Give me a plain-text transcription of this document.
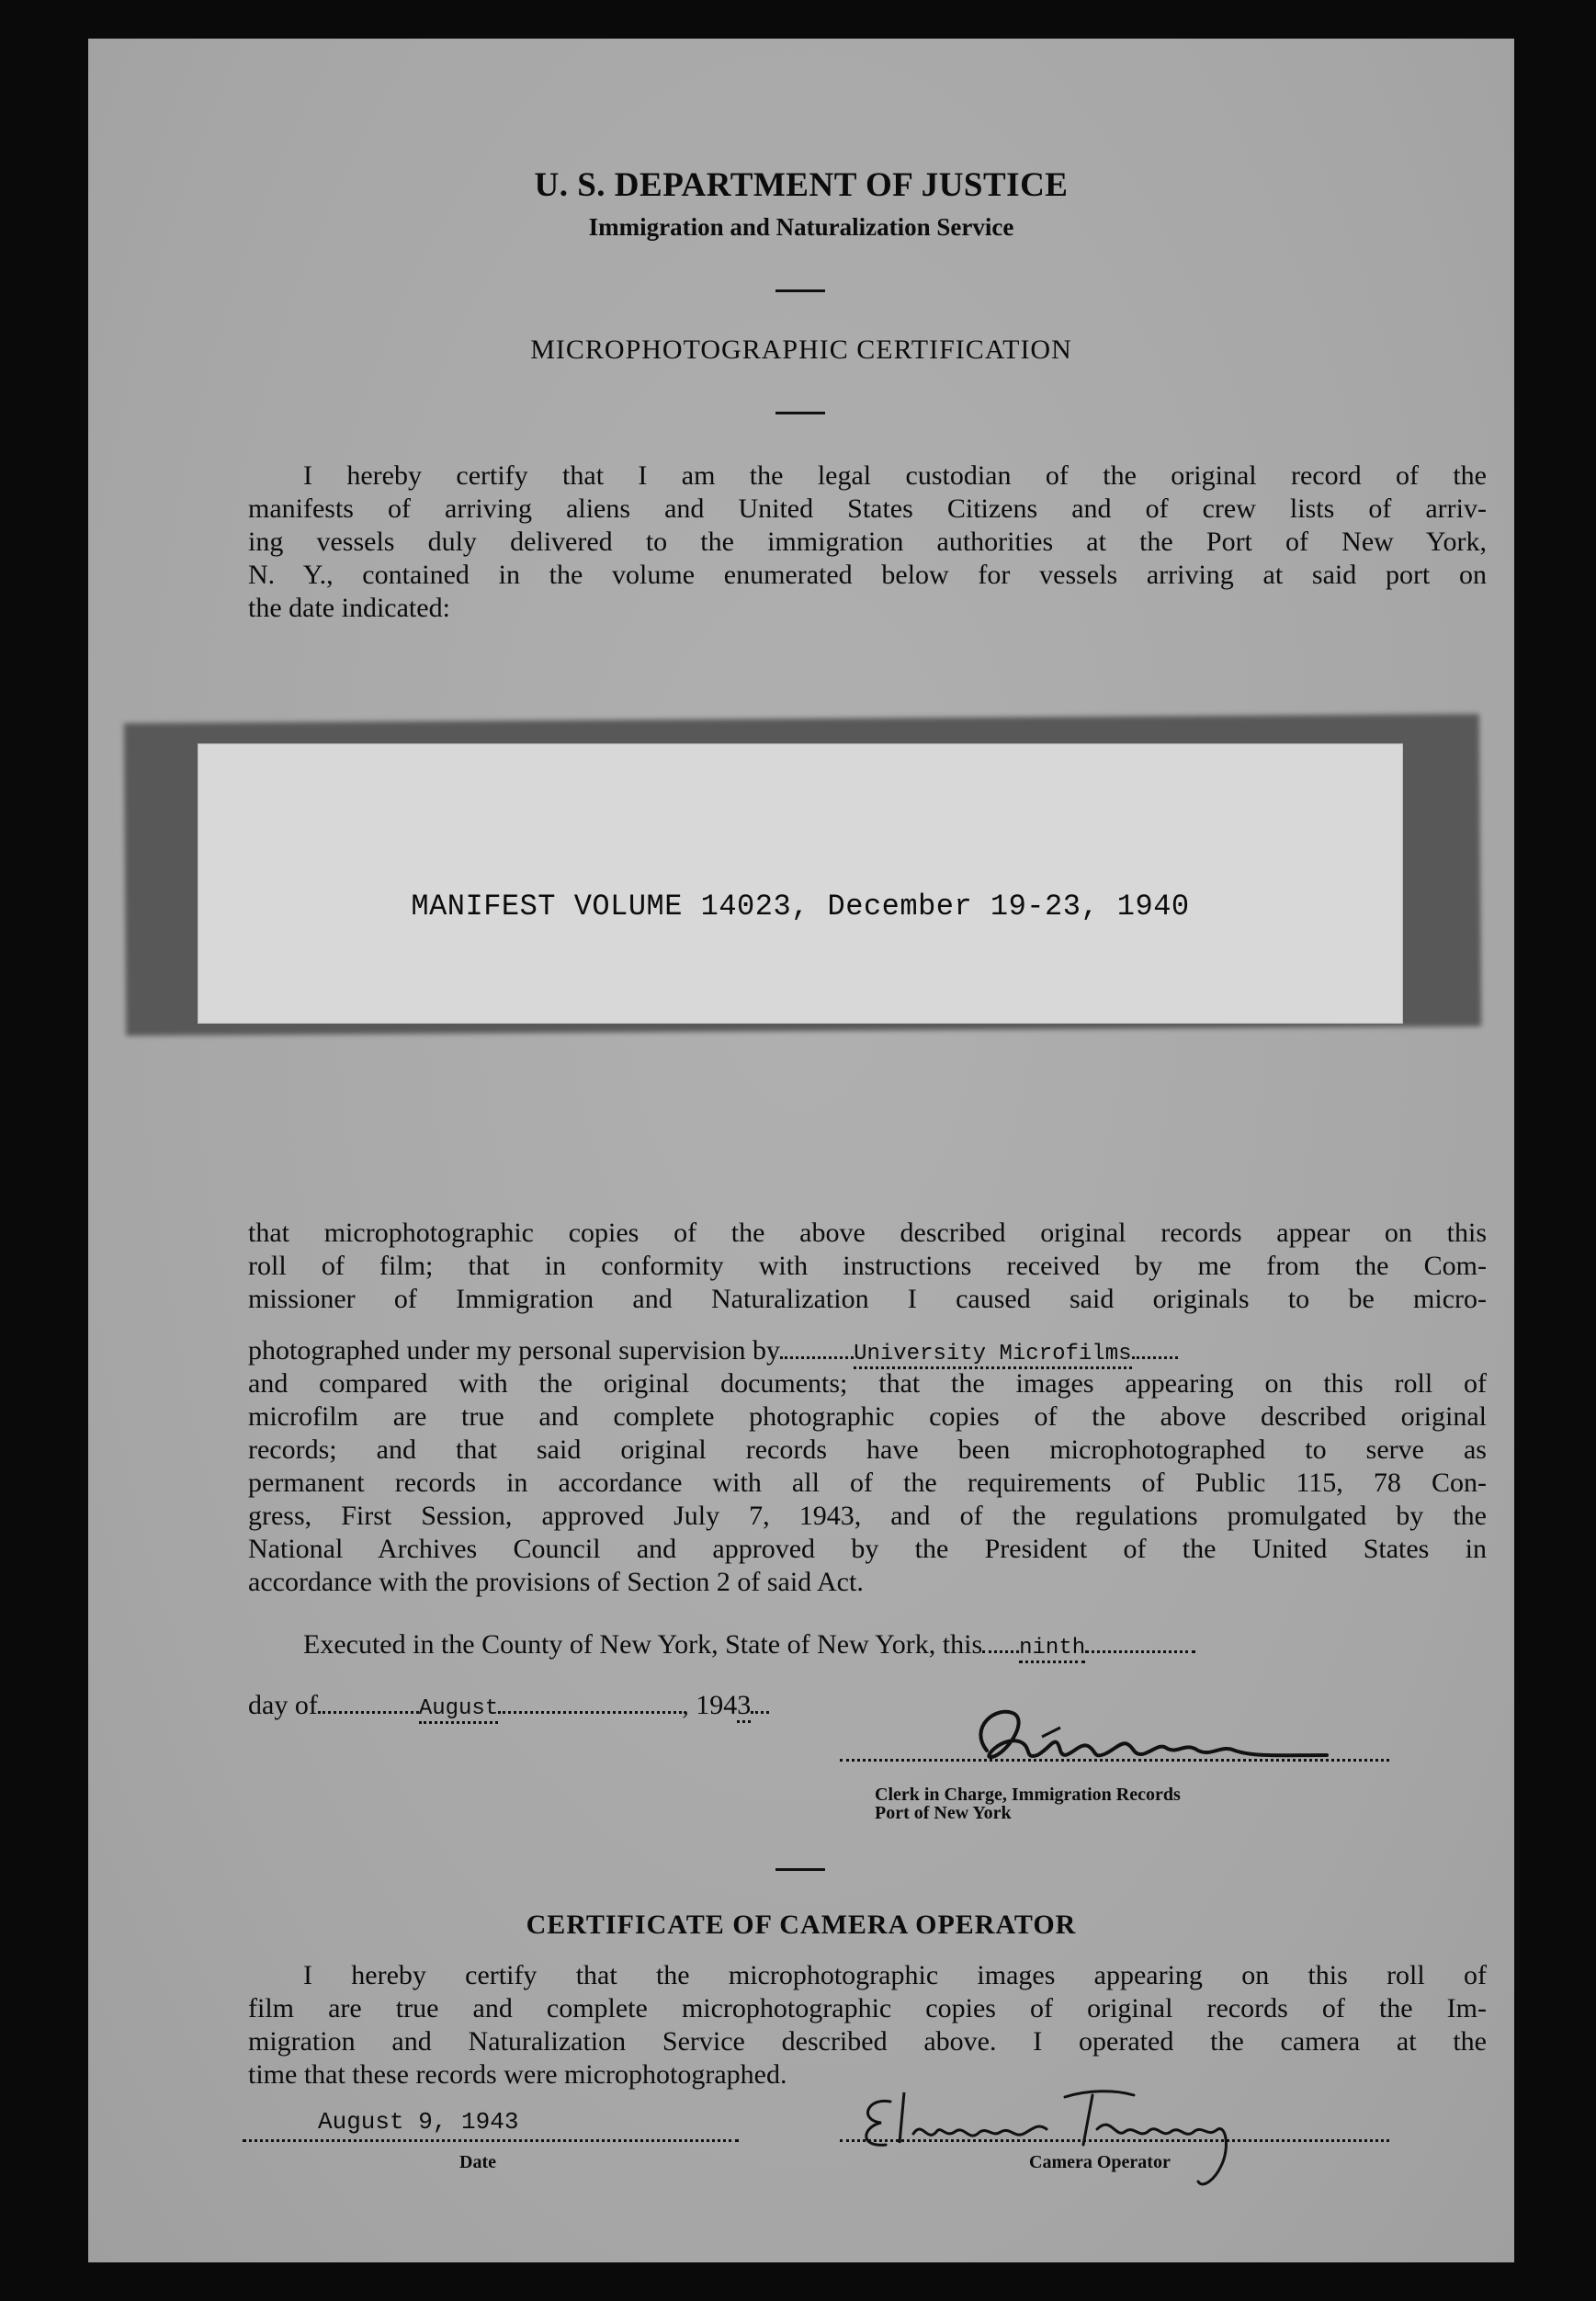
U. S. DEPARTMENT OF JUSTICE
Immigration and Naturalization Service
MICROPHOTOGRAPHIC CERTIFICATION
I hereby certify that I am the legal custodian of the original record of the
manifests of arriving aliens and United States Citizens and of crew lists of arriv-
ing vessels duly delivered to the immigration authorities at the Port of New York,
N. Y., contained in the volume enumerated below for vessels arriving at said port on
the date indicated:
MANIFEST VOLUME 14023, December 19-23, 1940
that microphotographic copies of the above described original records appear on this
roll of film; that in conformity with instructions received by me from the Com-
missioner of Immigration and Naturalization I caused said originals to be micro-
photographed under my personal supervision by	University Microfilms
and compared with the original documents; that the images appearing on this roll of
microfilm are true and complete photographic copies of the above described original
records; and that said original records have been microphotographed to serve as
permanent records in accordance with all of the requirements of Public 115, 78 Con-
gress, First Session, approved July 7, 1943, and of the regulations promulgated by the
National Archives Council and approved by the President of the United States in
accordance with the provisions of Section 2 of said Act.
Executed in the County of New York, State of New York, this ninth
day of	August	, 1943
Clerk in Charge, Immigration Records
Port of New York
CERTIFICATE OF CAMERA OPERATOR
I hereby certify that the microphotographic images appearing on this roll of
film are true and complete microphotographic copies of original records of the Im-
migration and Naturalization Service described above. I operated the camera at the
time that these records were microphotographed.
August 9, 1943
Date	Camera Operator
